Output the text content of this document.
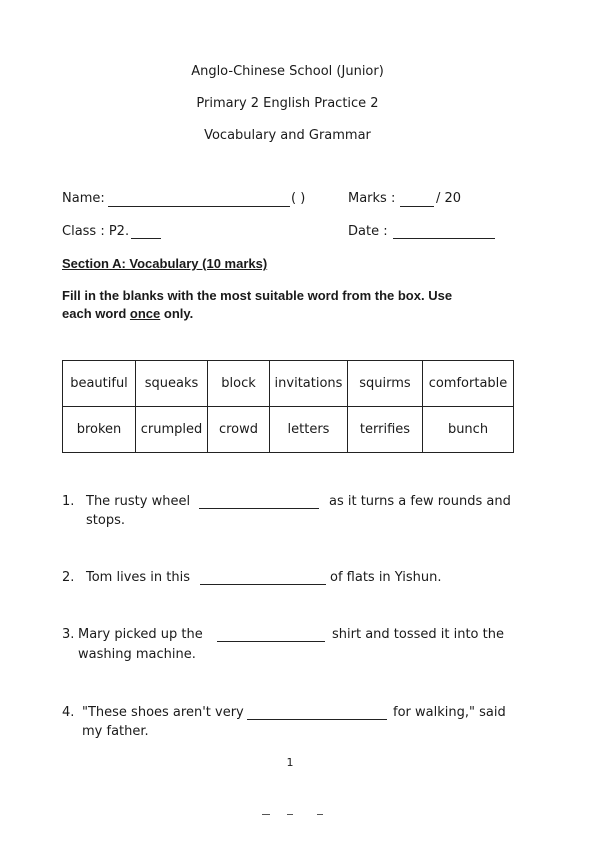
Anglo-Chinese School (Junior)
Primary 2 English Practice 2
Vocabulary and Grammar
Name:	( )	Marks :	/ 20
Class : P2.	Date :
Section A: Vocabulary (10 marks)
Fill in the blanks with the most suitable word from the box. Use
each word once only.
beautiful	squeaks	block	invitations	squirms	comfortable
broken	crumpled	crowd	letters	terrifies	bunch
1. The rusty wheel	as it turns a few rounds and
stops.
2. Tom lives in this	of flats in Yishun.
3. Mary picked up the	shirt and tossed it into the
washing machine.
4. "These shoes aren't very	for walking," said
my father.
1
